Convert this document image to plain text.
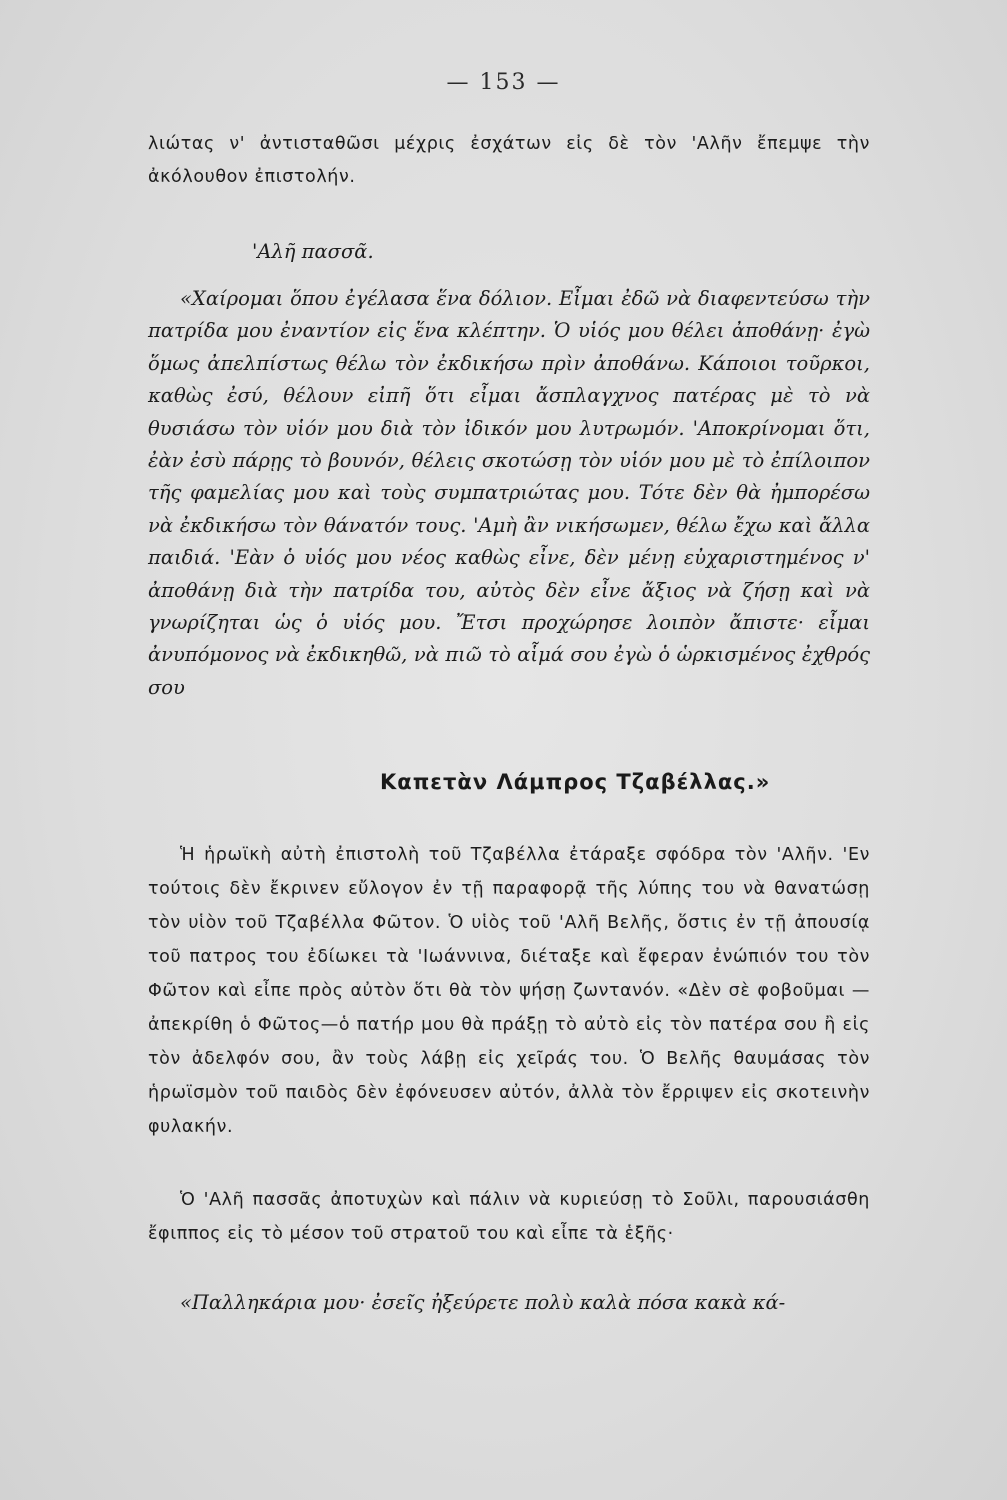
— 153 —

λιώτας ν' ἀντισταθῶσι μέχρις ἐσχάτων εἰς δὲ τὸν 'Αλῆν ἔπεμψε τὴν ἀκόλουθον ἐπιστολήν.

'Αλῆ πασσᾶ.

«Χαίρομαι ὅπου ἐγέλασα ἕνα δόλιον. Εἶμαι ἐδῶ νὰ διαφεντεύσω τὴν πατρίδα μου ἐναντίον εἰς ἕνα κλέπτην. Ὁ υἱός μου θέλει ἀποθάνῃ· ἐγὼ ὅμως ἀπελπίστως θέλω τὸν ἐκδικήσω πρὶν ἀποθάνω. Κάποιοι τοῦρκοι, καθὼς ἐσύ, θέλουν εἰπῆ ὅτι εἶμαι ἄσπλαγχνος πατέρας μὲ τὸ νὰ θυσιάσω τὸν υἱόν μου διὰ τὸν ἰδικόν μου λυτρωμόν. 'Αποκρίνομαι ὅτι, ἐὰν ἐσὺ πάρῃς τὸ βουνόν, θέλεις σκοτώσῃ τὸν υἱόν μου μὲ τὸ ἐπίλοιπον τῆς φαμελίας μου καὶ τοὺς συμπατριώτας μου. Τότε δὲν θὰ ἠμπορέσω νὰ ἐκδικήσω τὸν θάνατόν τους. 'Αμὴ ἂν νικήσωμεν, θέλω ἔχω καὶ ἄλλα παιδιά. 'Εὰν ὁ υἱός μου νέος καθὼς εἶνε, δὲν μένῃ εὐχαριστημένος ν' ἀποθάνῃ διὰ τὴν πατρίδα του, αὐτὸς δὲν εἶνε ἄξιος νὰ ζήσῃ καὶ νὰ γνωρίζηται ὡς ὁ υἱός μου. Ἔτσι προχώρησε λοιπὸν ἄπιστε· εἶμαι ἀνυπόμονος νὰ ἐκδικηθῶ, νὰ πιῶ τὸ αἷμά σου ἐγὼ ὁ ὡρκισμένος ἐχθρός σου

Καπετὰν Λάμπρος Τζαβέλλας.»

Ἡ ἡρωϊκὴ αὐτὴ ἐπιστολὴ τοῦ Τζαβέλλα ἐτάραξε σφόδρα τὸν 'Αλῆν. 'Εν τούτοις δὲν ἔκρινεν εὔλογον ἐν τῇ παραφορᾷ τῆς λύπης του νὰ θανατώσῃ τὸν υἱὸν τοῦ Τζαβέλλα Φῶτον. Ὁ υἱὸς τοῦ 'Αλῆ Βελῆς, ὅστις ἐν τῇ ἀπουσίᾳ τοῦ πατρος του ἐδίωκει τὰ 'Ιωάννινα, διέταξε καὶ ἔφεραν ἐνώπιόν του τὸν Φῶτον καὶ εἶπε πρὸς αὐτὸν ὅτι θὰ τὸν ψήσῃ ζωντανόν. «Δὲν σὲ φοβοῦμαι —ἀπεκρίθη ὁ Φῶτος—ὁ πατήρ μου θὰ πράξῃ τὸ αὐτὸ εἰς τὸν πατέρα σου ἢ εἰς τὸν ἀδελφόν σου, ἂν τοὺς λάβῃ εἰς χεῖράς του. Ὁ Βελῆς θαυμάσας τὸν ἡρωϊσμὸν τοῦ παιδὸς δὲν ἐφόνευσεν αὐτόν, ἀλλὰ τὸν ἔρριψεν εἰς σκοτεινὴν φυλακήν.

Ὁ 'Αλῆ πασσᾶς ἀποτυχὼν καὶ πάλιν νὰ κυριεύσῃ τὸ Σοῦλι, παρουσιάσθη ἔφιππος εἰς τὸ μέσον τοῦ στρατοῦ του καὶ εἶπε τὰ ἑξῆς·

«Παλληκάρια μου· ἐσεῖς ἠξεύρετε πολὺ καλὰ πόσα κακὰ κά-
